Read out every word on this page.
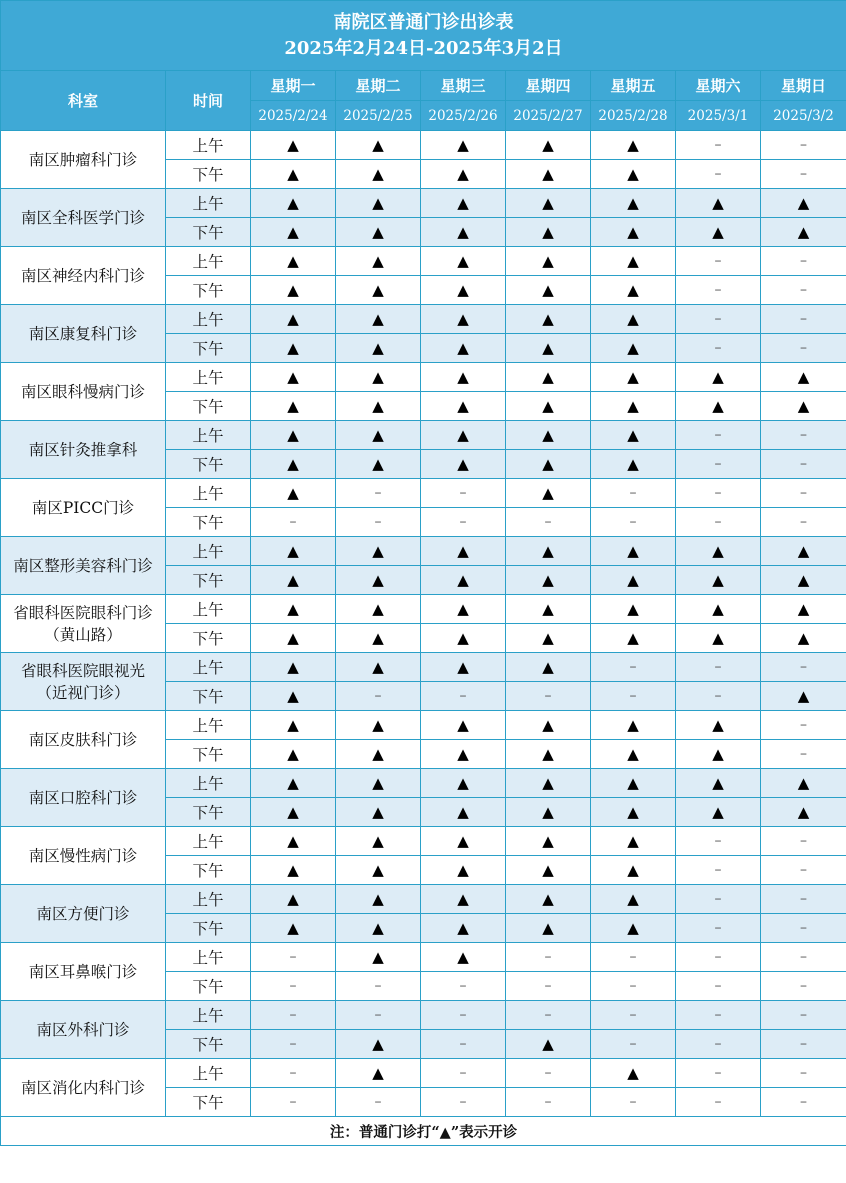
南院区普通门诊出诊表
2025年2月24日-2025年3月2日								

科室	时间	星期一	星期二	星期三	星期四	星期五	星期六	星期日
		2025/2/24	2025/2/25	2025/2/26	2025/2/27	2025/2/28	2025/3/1	2025/3/2
南区肿瘤科门诊	上午	▲	▲	▲	▲	▲	–	–
	下午	▲	▲	▲	▲	▲	–	–
南区全科医学门诊	上午	▲	▲	▲	▲	▲	▲	▲
	下午	▲	▲	▲	▲	▲	▲	▲
南区神经内科门诊	上午	▲	▲	▲	▲	▲	–	–
	下午	▲	▲	▲	▲	▲	–	–
南区康复科门诊	上午	▲	▲	▲	▲	▲	–	–
	下午	▲	▲	▲	▲	▲	–	–
南区眼科慢病门诊	上午	▲	▲	▲	▲	▲	▲	▲
	下午	▲	▲	▲	▲	▲	▲	▲
南区针灸推拿科	上午	▲	▲	▲	▲	▲	–	–
	下午	▲	▲	▲	▲	▲	–	–
南区PICC门诊	上午	▲	–	–	▲	–	–	–
	下午	–	–	–	–	–	–	–
南区整形美容科门诊	上午	▲	▲	▲	▲	▲	▲	▲
	下午	▲	▲	▲	▲	▲	▲	▲
省眼科医院眼科门诊
（黄山路）	上午	▲	▲	▲	▲	▲	▲	▲
	下午	▲	▲	▲	▲	▲	▲	▲
省眼科医院眼视光
（近视门诊）	上午	▲	▲	▲	▲	–	–	–
	下午	▲	–	–	–	–	–	▲
南区皮肤科门诊	上午	▲	▲	▲	▲	▲	▲	–
	下午	▲	▲	▲	▲	▲	▲	–
南区口腔科门诊	上午	▲	▲	▲	▲	▲	▲	▲
	下午	▲	▲	▲	▲	▲	▲	▲
南区慢性病门诊	上午	▲	▲	▲	▲	▲	–	–
	下午	▲	▲	▲	▲	▲	–	–
南区方便门诊	上午	▲	▲	▲	▲	▲	–	–
	下午	▲	▲	▲	▲	▲	–	–
南区耳鼻喉门诊	上午	–	▲	▲	–	–	–	–
	下午	–	–	–	–	–	–	–
南区外科门诊	上午	–	–	–	–	–	–	–
	下午	–	▲	–	▲	–	–	–
南区消化内科门诊	上午	–	▲	–	–	▲	–	–
	下午	–	–	–	–	–	–	–
注：普通门诊打“▲”表示开诊								
